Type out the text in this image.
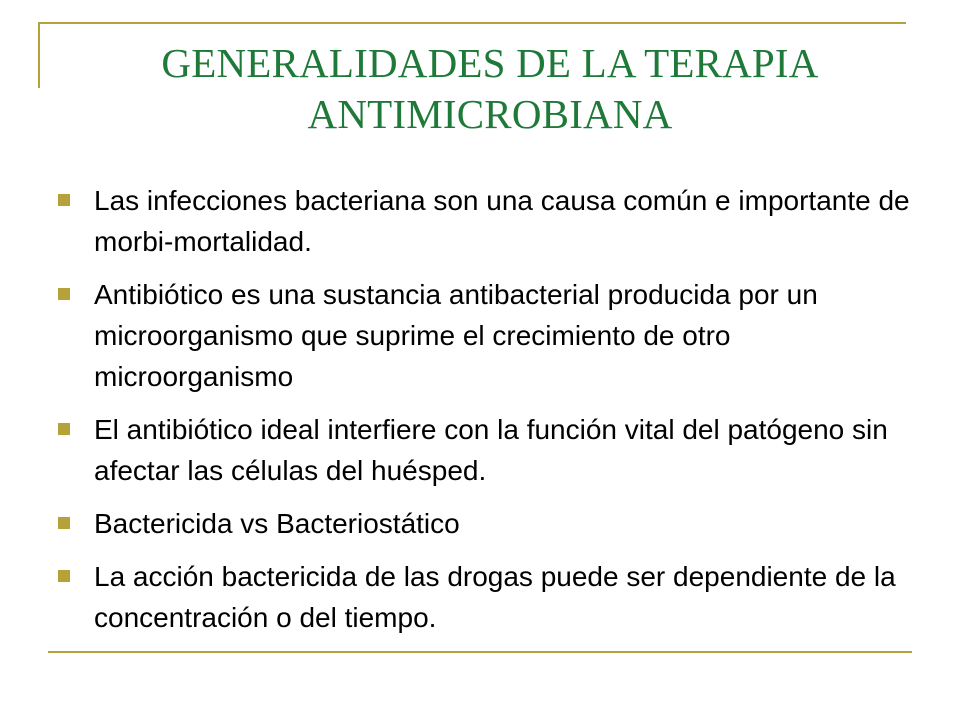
GENERALIDADES DE LA TERAPIA
ANTIMICROBIANA
Las infecciones bacteriana son una causa común e importante de morbi-mortalidad.
Antibiótico es una sustancia antibacterial producida por un microorganismo que suprime el crecimiento de otro microorganismo
El antibiótico ideal interfiere con la función vital del patógeno sin afectar las células del huésped.
Bactericida vs Bacteriostático
La acción bactericida de las drogas puede ser dependiente de la concentración o del tiempo.
